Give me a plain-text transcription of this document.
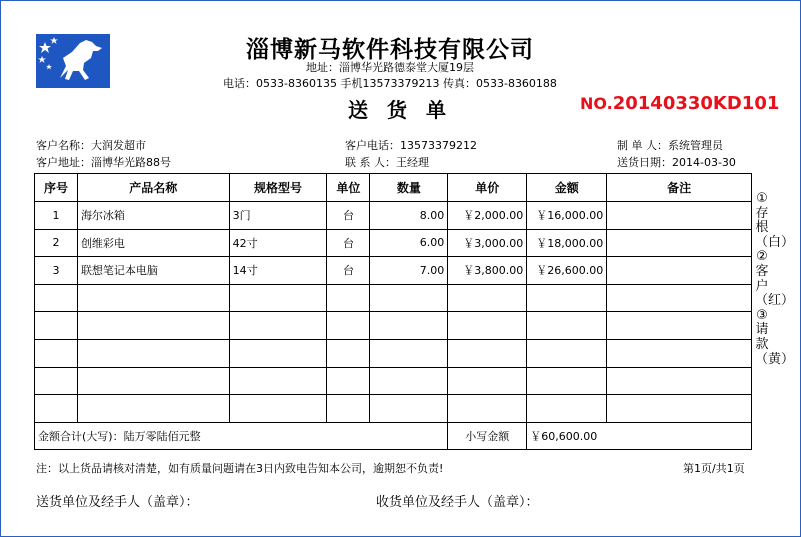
淄博新马软件科技有限公司
地址：淄博华光路德泰堂大厦19层
电话：0533-8360135 手机13573379213 传真：0533-8360188
送 货 单	NO.20140330KD101
客户名称：大润发超市	客户电话：13573379212	制 单 人：系统管理员
客户地址：淄博华光路88号	联 系 人：王经理	送货日期：2014-03-30
序号	产品名称	规格型号	单位	数量	单价	金额	备注
1	海尔冰箱	3门	台	8.00	￥2,000.00	￥16,000.00	
2	创维彩电	42寸	台	6.00	￥3,000.00	￥18,000.00	
3	联想笔记本电脑	14寸	台	7.00	￥3,800.00	￥26,600.00	

金额合计(大写)：陆万零陆佰元整					小写金额	￥60,600.00	
①存根（白）②客户（红）③请款（黄）
注：以上货品请核对清楚，如有质量问题请在3日内致电告知本公司，逾期恕不负责!	第1页/共1页
送货单位及经手人（盖章）：	收货单位及经手人（盖章）：
